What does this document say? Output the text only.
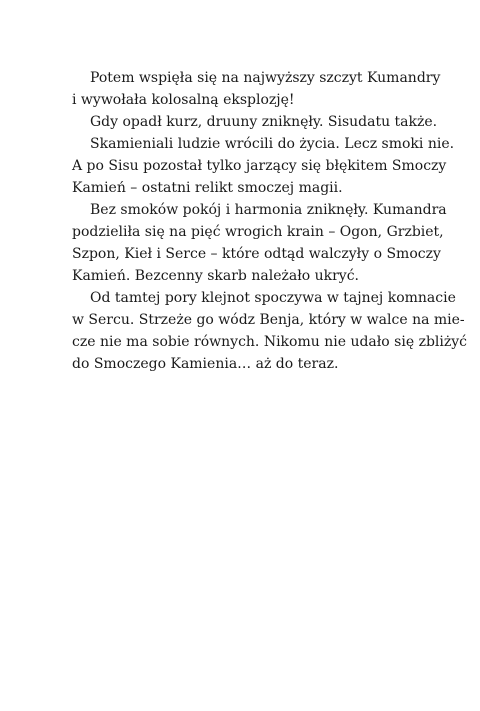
Potem wspięła się na najwyższy szczyt Kumandry
i wywołała kolosalną eksplozję!
Gdy opadł kurz, druuny zniknęły. Sisudatu także.
Skamieniali ludzie wrócili do życia. Lecz smoki nie.
A po Sisu pozostał tylko jarzący się błękitem Smoczy
Kamień – ostatni relikt smoczej magii.
Bez smoków pokój i harmonia zniknęły. Kumandra
podzieliła się na pięć wrogich krain – Ogon, Grzbiet,
Szpon, Kieł i Serce – które odtąd walczyły o Smoczy
Kamień. Bezcenny skarb należało ukryć.
Od tamtej pory klejnot spoczywa w tajnej komnacie
w Sercu. Strzeże go wódz Benja, który w walce na mie-
cze nie ma sobie równych. Nikomu nie udało się zbliżyć
do Smoczego Kamienia… aż do teraz.
